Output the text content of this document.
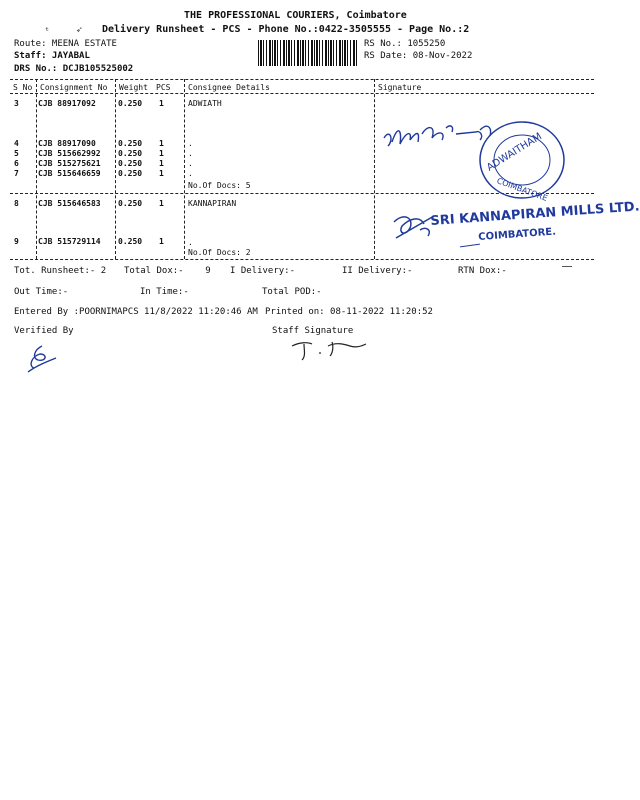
THE PROFESSIONAL COURIERS, Coimbatore
ₜ	➶ Delivery Runsheet - PCS - Phone No.:0422-3505555 - Page No.:2
Route: MEENA ESTATE
Staff: JAYABAL
DRS No.: DCJB105525002
RS No.: 1055250
RS Date: 08-Nov-2022
S No Consignment No Weight PCS Consignee Details	Signature
3 CJB 88917092	0.250 1	ADWIATH
4 CJB 88917090	0.250 1	.
5 CJB 515662992 0.250 1	.
6 CJB 515275621 0.250 1	.
7 CJB 515646659 0.250 1	.
No.Of Docs: 5
8 CJB 515646583 0.250 1	KANNAPIRAN
9 CJB 515729114 0.250 1	.
No.Of Docs: 2
ADWAITHAM
COIMBATORE
SRI KANNAPIRAN MILLS LTD.
COIMBATORE.
Tot. Runsheet:- 2 Total Dox:-    9 I Delivery:-	II Delivery:-	RTN Dox:-
Out Time:-	In Time:-	Total POD:-
Entered By :POORNIMAPCS 11/8/2022 11:20:46 AM Printed on: 08-11-2022 11:20:52
Verified By	Staff Signature
